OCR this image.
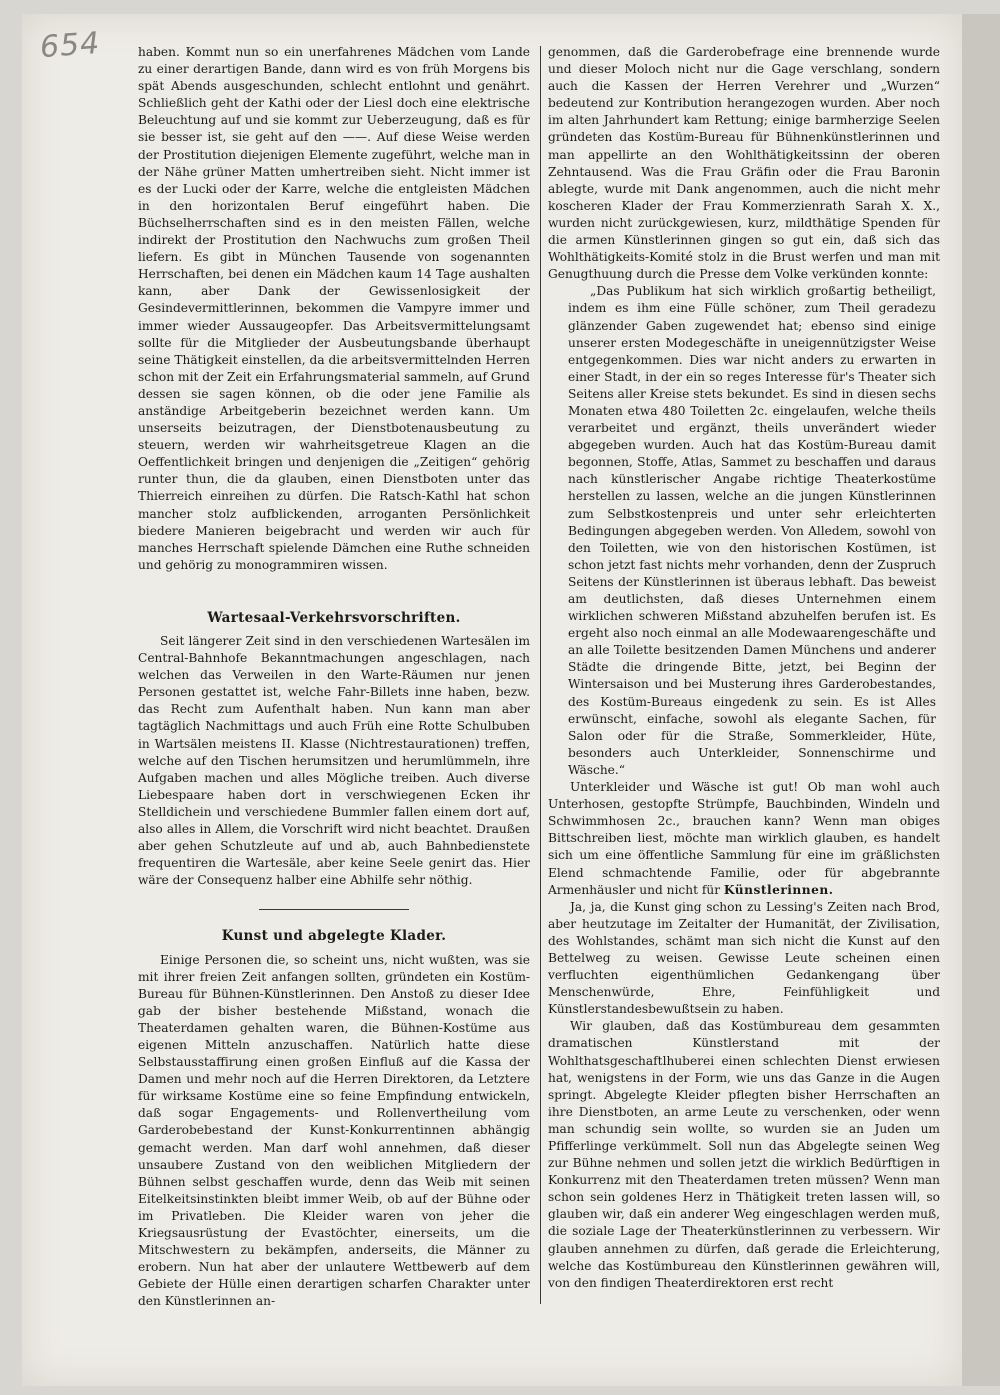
654	haben. Kommt nun so ein unerfahrenes Mädchen vom Lande zu einer derartigen Bande, dann wird es von früh Morgens bis spät Abends ausgeschunden, schlecht entlohnt und genährt. Schließlich geht der Kathi oder der Liesl doch eine elektrische Beleuchtung auf und sie kommt zur Ueberzeugung, daß es für sie besser ist, sie geht auf den ——. Auf diese Weise werden der Prostitution diejenigen Elemente zugeführt, welche man in der Nähe grüner Matten umhertreiben sieht. Nicht immer ist es der Lucki oder der Karre, welche die entgleisten Mädchen in den horizontalen Beruf eingeführt haben. Die Büchselherrschaften sind es in den meisten Fällen, welche indirekt der Prostitution den Nachwuchs zum großen Theil liefern. Es gibt in München Tausende von sogenannten Herrschaften, bei denen ein Mädchen kaum 14 Tage aushalten kann, aber Dank der Gewissenlosigkeit der Gesindevermittlerinnen, bekommen die Vampyre immer und immer wieder Aussaugeopfer. Das Arbeitsvermittelungsamt sollte für die Mitglieder der Ausbeutungsbande überhaupt seine Thätigkeit einstellen, da die arbeitsvermittelnden Herren schon mit der Zeit ein Erfahrungsmaterial sammeln, auf Grund dessen sie sagen können, ob die oder jene Familie als anständige Arbeitgeberin bezeichnet werden kann. Um unserseits beizutragen, der Dienstbotenausbeutung zu steuern, werden wir wahrheitsgetreue Klagen an die Oeffentlichkeit bringen und denjenigen die „Zeitigen“ gehörig runter thun, die da glauben, einen Dienstboten unter das Thierreich einreihen zu dürfen. Die Ratsch-Kathl hat schon mancher stolz aufblickenden, arroganten Persönlichkeit biedere Manieren beigebracht und werden wir auch für manches Herrschaft spielende Dämchen eine Ruthe schneiden und gehörig zu monogrammiren wissen.

Wartesaal-Verkehrsvorschriften.

Seit längerer Zeit sind in den verschiedenen Wartesälen im Central-Bahnhofe Bekanntmachungen angeschlagen, nach welchen das Verweilen in den Warte-Räumen nur jenen Personen gestattet ist, welche Fahr-Billets inne haben, bezw. das Recht zum Aufenthalt haben. Nun kann man aber tagtäglich Nachmittags und auch Früh eine Rotte Schulbuben in Wartsälen meistens II. Klasse (Nichtrestaurationen) treffen, welche auf den Tischen herumsitzen und herumlümmeln, ihre Aufgaben machen und alles Mögliche treiben. Auch diverse Liebespaare haben dort in verschwiegenen Ecken ihr Stelldichein und verschiedene Bummler fallen einem dort auf, also alles in Allem, die Vorschrift wird nicht beachtet. Draußen aber gehen Schutzleute auf und ab, auch Bahnbedienstete frequentiren die Wartesäle, aber keine Seele genirt das. Hier wäre der Consequenz halber eine Abhilfe sehr nöthig.

Kunst und abgelegte Klader.

Einige Personen die, so scheint uns, nicht wußten, was sie mit ihrer freien Zeit anfangen sollten, gründeten ein Kostüm-Bureau für Bühnen-Künstlerinnen. Den Anstoß zu dieser Idee gab der bisher bestehende Mißstand, wonach die Theaterdamen gehalten waren, die Bühnen-Kostüme aus eigenen Mitteln anzuschaffen. Natürlich hatte diese Selbstausstaffirung einen großen Einfluß auf die Kassa der Damen und mehr noch auf die Herren Direktoren, da Letztere für wirksame Kostüme eine so feine Empfindung entwickeln, daß sogar Engagements- und Rollenvertheilung vom Garderobebestand der Kunst-Konkurrentinnen abhängig gemacht werden. Man darf wohl annehmen, daß dieser unsaubere Zustand von den weiblichen Mitgliedern der Bühnen selbst geschaffen wurde, denn das Weib mit seinen Eitelkeitsinstinkten bleibt immer Weib, ob auf der Bühne oder im Privatleben. Die Kleider waren von jeher die Kriegsausrüstung der Evastöchter, einerseits, um die Mitschwestern zu bekämpfen, anderseits, die Männer zu erobern. Nun hat aber der unlautere Wettbewerb auf dem Gebiete der Hülle einen derartigen scharfen Charakter unter den Künstlerinnen an-

genommen, daß die Garderobefrage eine brennende wurde und dieser Moloch nicht nur die Gage verschlang, sondern auch die Kassen der Herren Verehrer und „Wurzen“ bedeutend zur Kontribution herangezogen wurden. Aber noch im alten Jahrhundert kam Rettung; einige barmherzige Seelen gründeten das Kostüm-Bureau für Bühnenkünstlerinnen und man appellirte an den Wohlthätigkeitssinn der oberen Zehntausend. Was die Frau Gräfin oder die Frau Baronin ablegte, wurde mit Dank angenommen, auch die nicht mehr koscheren Klader der Frau Kommerzienrath Sarah X. X., wurden nicht zurückgewiesen, kurz, mildthätige Spenden für die armen Künstlerinnen gingen so gut ein, daß sich das Wohlthätigkeits-Komité stolz in die Brust werfen und man mit Genugthuung durch die Presse dem Volke verkünden konnte:

„Das Publikum hat sich wirklich großartig betheiligt, indem es ihm eine Fülle schöner, zum Theil geradezu glänzender Gaben zugewendet hat; ebenso sind einige unserer ersten Modegeschäfte in uneigennützigster Weise entgegenkommen. Dies war nicht anders zu erwarten in einer Stadt, in der ein so reges Interesse für's Theater sich Seitens aller Kreise stets bekundet. Es sind in diesen sechs Monaten etwa 480 Toiletten 2c. eingelaufen, welche theils verarbeitet und ergänzt, theils unverändert wieder abgegeben wurden. Auch hat das Kostüm-Bureau damit begonnen, Stoffe, Atlas, Sammet zu beschaffen und daraus nach künstlerischer Angabe richtige Theaterkostüme herstellen zu lassen, welche an die jungen Künstlerinnen zum Selbstkostenpreis und unter sehr erleichterten Bedingungen abgegeben werden. Von Alledem, sowohl von den Toiletten, wie von den historischen Kostümen, ist schon jetzt fast nichts mehr vorhanden, denn der Zuspruch Seitens der Künstlerinnen ist überaus lebhaft. Das beweist am deutlichsten, daß dieses Unternehmen einem wirklichen schweren Mißstand abzuhelfen berufen ist. Es ergeht also noch einmal an alle Modewaarengeschäfte und an alle Toilette besitzenden Damen Münchens und anderer Städte die dringende Bitte, jetzt, bei Beginn der Wintersaison und bei Musterung ihres Garderobestandes, des Kostüm-Bureaus eingedenk zu sein. Es ist Alles erwünscht, einfache, sowohl als elegante Sachen, für Salon oder für die Straße, Sommerkleider, Hüte, besonders auch Unterkleider, Sonnenschirme und Wäsche.“

Unterkleider und Wäsche ist gut! Ob man wohl auch Unterhosen, gestopfte Strümpfe, Bauchbinden, Windeln und Schwimmhosen 2c., brauchen kann? Wenn man obiges Bittschreiben liest, möchte man wirklich glauben, es handelt sich um eine öffentliche Sammlung für eine im gräßlichsten Elend schmachtende Familie, oder für abgebrannte Armenhäusler und nicht für Künstlerinnen.

Ja, ja, die Kunst ging schon zu Lessing's Zeiten nach Brod, aber heutzutage im Zeitalter der Humanität, der Zivilisation, des Wohlstandes, schämt man sich nicht die Kunst auf den Bettelweg zu weisen. Gewisse Leute scheinen einen verfluchten eigenthümlichen Gedankengang über Menschenwürde, Ehre, Feinfühligkeit und Künstlerstandesbewußtsein zu haben.

Wir glauben, daß das Kostümbureau dem gesammten dramatischen Künstlerstand mit der Wohlthatsgeschaftlhuberei einen schlechten Dienst erwiesen hat, wenigstens in der Form, wie uns das Ganze in die Augen springt. Abgelegte Kleider pflegten bisher Herrschaften an ihre Dienstboten, an arme Leute zu verschenken, oder wenn man schundig sein wollte, so wurden sie an Juden um Pfifferlinge verkümmelt. Soll nun das Abgelegte seinen Weg zur Bühne nehmen und sollen jetzt die wirklich Bedürftigen in Konkurrenz mit den Theaterdamen treten müssen? Wenn man schon sein goldenes Herz in Thätigkeit treten lassen will, so glauben wir, daß ein anderer Weg eingeschlagen werden muß, die soziale Lage der Theaterkünstlerinnen zu verbessern. Wir glauben annehmen zu dürfen, daß gerade die Erleichterung, welche das Kostümbureau den Künstlerinnen gewähren will, von den findigen Theaterdirektoren erst recht
